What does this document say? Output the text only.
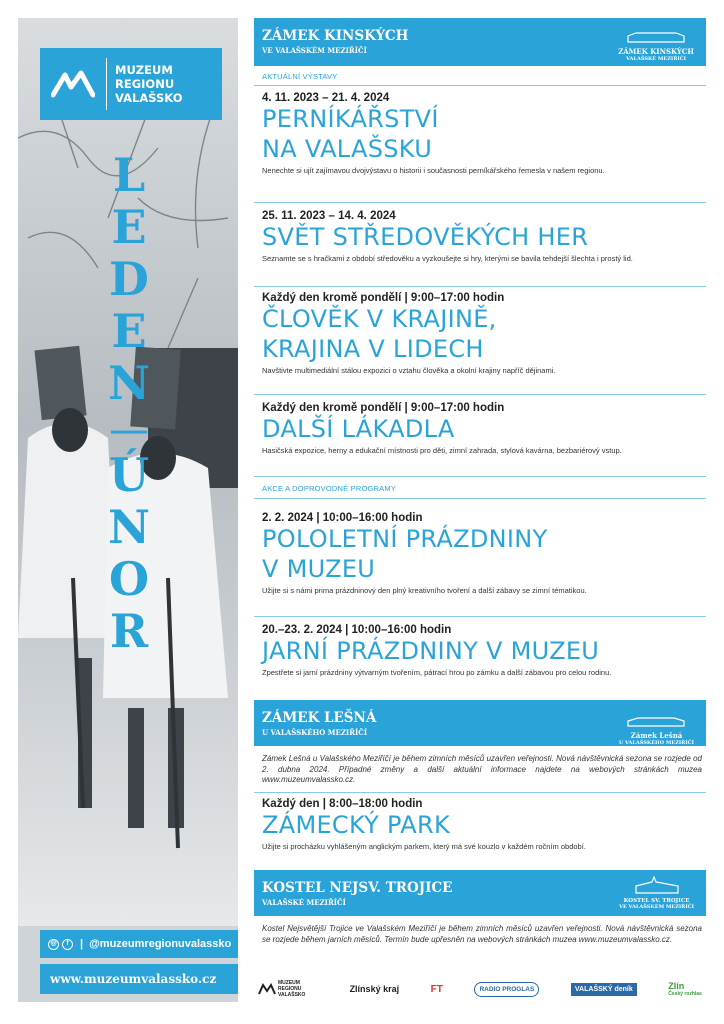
MUZEUM
REGIONU
VALAŠSKO
L
E
D
E
N
—
Ú
N
O
R
◎	f	| @muzeumregionuvalassko
www.muzeumvalassko.cz
ZÁMEK KINSKÝCH
VE VALAŠSKÉM MEZIŘÍČÍ	ZÁMEK KINSKÝCH
VALAŠSKÉ MEZIŘÍČÍ
AKTUÁLNÍ VÝSTAVY
4. 11. 2023 – 21. 4. 2024
PERNÍKÁŘSTVÍ
NA VALAŠSKU
Nenechte si ujít zajímavou dvojvýstavu o historii i současnosti perníkářského řemesla v našem regionu.
25. 11. 2023 – 14. 4. 2024
SVĚT STŘEDOVĚKÝCH HER
Seznamte se s hračkami z období středověku a vyzkoušejte si hry, kterými se bavila tehdejší šlechta i prostý lid.
Každý den kromě pondělí | 9:00–17:00 hodin
ČLOVĚK V KRAJINĚ,
KRAJINA V LIDECH
Navštivte multimediální stálou expozici o vztahu člověka a okolní krajiny napříč dějinami.
Každý den kromě pondělí | 9:00–17:00 hodin
DALŠÍ LÁKADLA
Hasičská expozice, herny a edukační místnosti pro děti, zimní zahrada, stylová kavárna, bezbariérový vstup.
AKCE A DOPROVODNÉ PROGRAMY
2. 2. 2024 | 10:00–16:00 hodin
POLOLETNÍ PRÁZDNINY
V MUZEU
Užijte si s námi prima prázdninový den plný kreativního tvoření a další zábavy se zimní tématikou.
20.–23. 2. 2024 | 10:00–16:00 hodin
JARNÍ PRÁZDNINY V MUZEU
Zpestřete si jarní prázdniny výtvarným tvořením, pátrací hrou po zámku a další zábavou pro celou rodinu.
ZÁMEK LEŠNÁ
U VALAŠSKÉHO MEZIŘÍČÍ	Zámek Lešná
U VALAŠSKÉHO MEZIŘÍČÍ
Zámek Lešná u Valašského Meziříčí je během zimních měsíců uzavřen veřejnosti. Nová návštěvnická sezona se rozjede od 2. dubna 2024. Případné změny a další aktuální informace najdete na webových stránkách muzea www.muzeumvalassko.cz.
Každý den | 8:00–18:00 hodin
ZÁMECKÝ PARK
Užijte si procházku vyhlášeným anglickým parkem, který má své kouzlo v každém ročním období.
KOSTEL NEJSV. TROJICE
VALAŠSKÉ MEZIŘÍČÍ	KOSTEL SV. TROJICE
VE VALAŠSKÉM MEZIŘÍČÍ
Kostel Nejsvětější Trojice ve Valašském Meziříčí je během zimních měsíců uzavřen veřejnosti. Nová návštěvnická sezona se rozjede během jarních měsíců. Termín bude upřesněn na webových stránkách muzea www.muzeumvalassko.cz.
MUZEUM REGIONU VALAŠSKO
Zlínský kraj	FT	RADIO PROGLAS	VALAŠSKÝ deník	Zlín
Český rozhlas
